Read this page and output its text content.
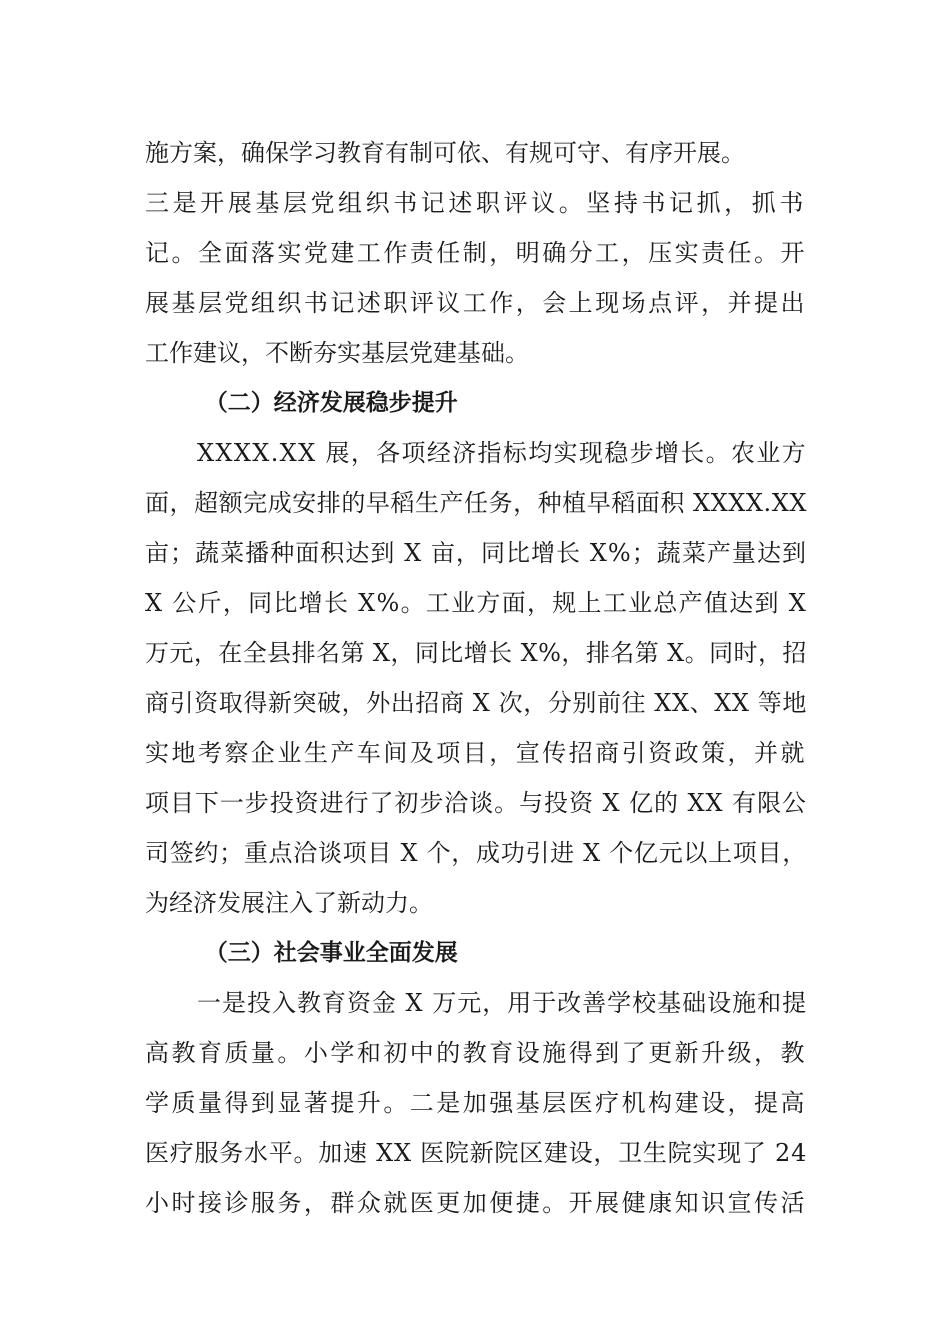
施方案，确保学习教育有制可依、有规可守、有序开展。
三是开展基层党组织书记述职评议。坚持书记抓，抓书
记。全面落实党建工作责任制，明确分工，压实责任。开
展基层党组织书记述职评议工作，会上现场点评，并提出
工作建议，不断夯实基层党建基础。
（二）经济发展稳步提升
XXXX.XX 展，各项经济指标均实现稳步增长。农业方
面，超额完成安排的早稻生产任务，种植早稻面积 XXXX.XX
亩；蔬菜播种面积达到 X 亩，同比增长 X%；蔬菜产量达到
X 公斤，同比增长 X%。工业方面，规上工业总产值达到 X
万元，在全县排名第 X，同比增长 X%，排名第 X。同时，招
商引资取得新突破，外出招商 X 次，分别前往 XX、XX 等地
实地考察企业生产车间及项目，宣传招商引资政策，并就
项目下一步投资进行了初步洽谈。与投资 X 亿的 XX 有限公
司签约；重点洽谈项目 X 个，成功引进 X 个亿元以上项目，
为经济发展注入了新动力。
（三）社会事业全面发展
一是投入教育资金 X 万元，用于改善学校基础设施和提
高教育质量。小学和初中的教育设施得到了更新升级，教
学质量得到显著提升。二是加强基层医疗机构建设，提高
医疗服务水平。加速 XX 医院新院区建设，卫生院实现了 24
小时接诊服务，群众就医更加便捷。开展健康知识宣传活
